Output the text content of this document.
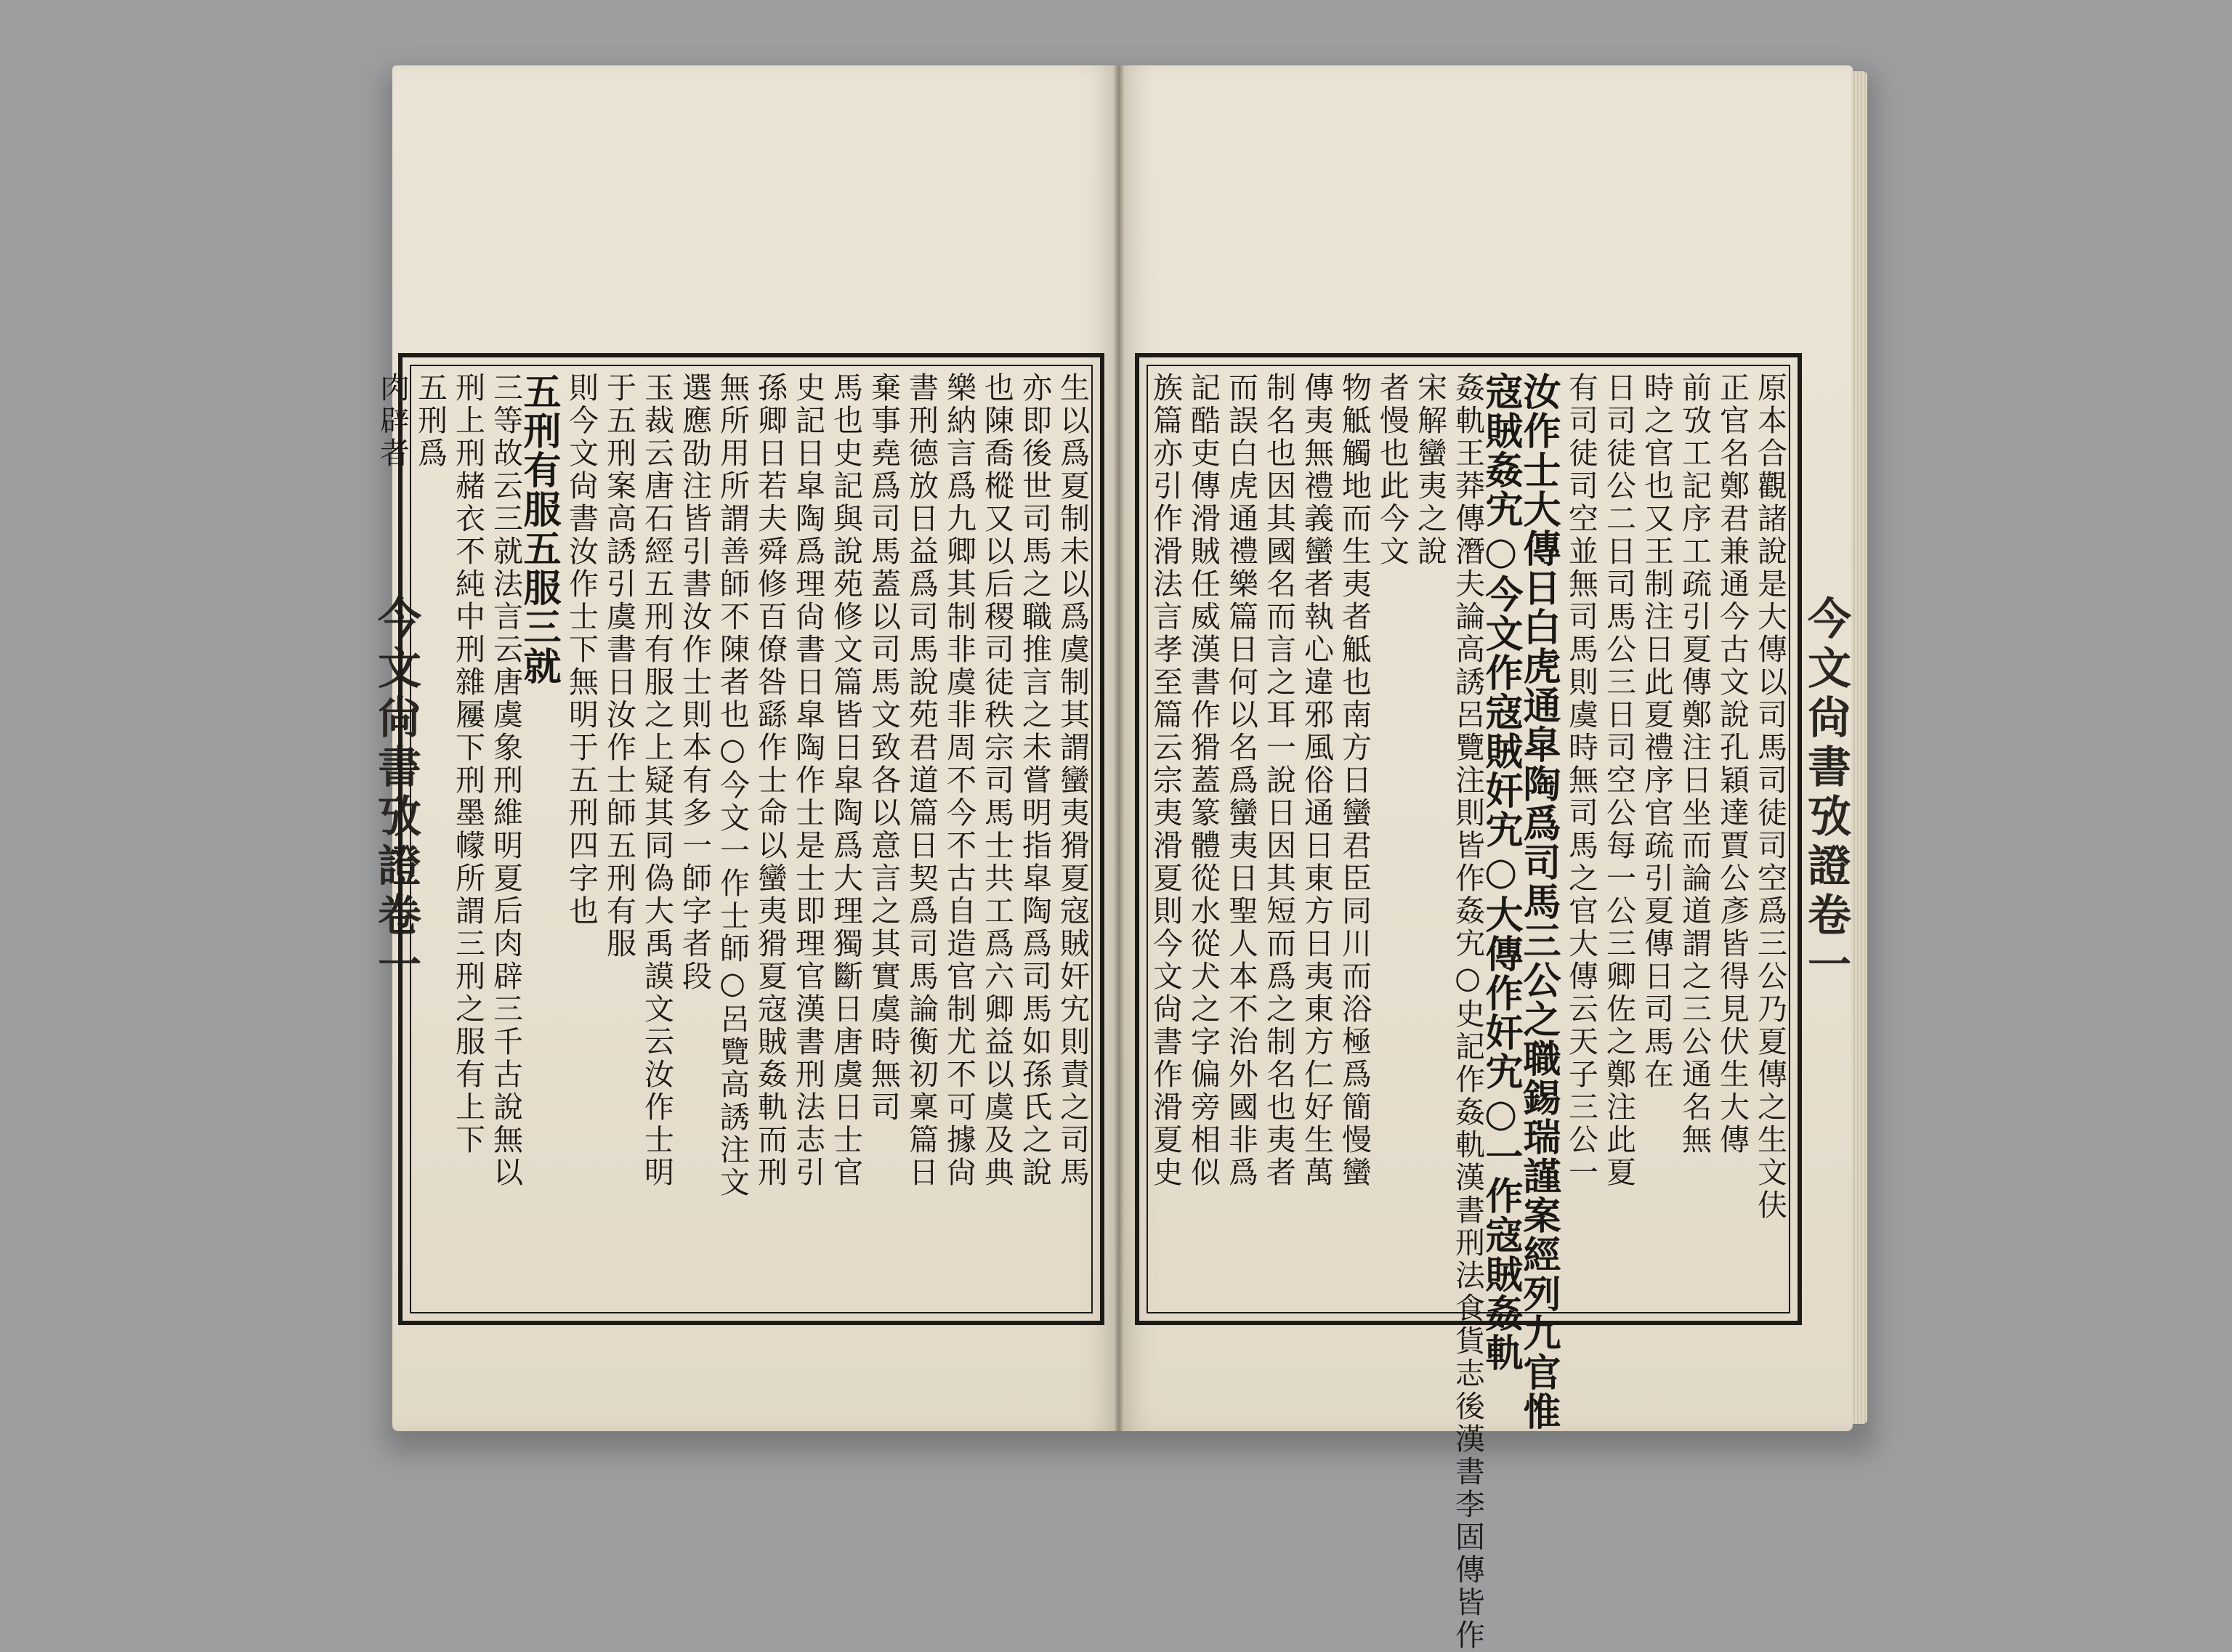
今文尙書攷證卷一	今文尙書攷證卷一
生以爲夏制未以爲虞制其謂蠻夷猾夏寇賊奸宄則責之司馬
亦即後世司馬之職推言之未嘗明指皐陶爲司馬如孫氏之說
也陳喬樅又以后稷司徒秩宗司馬士共工爲六卿益以虞及典
樂納言爲九卿其制非虞非周不今不古自造官制尤不可據尙
書刑德放日益爲司馬說苑君道篇日契爲司馬論衡初稟篇日
棄事堯爲司馬蓋以司馬文致各以意言之其實虞時無司
馬也史記與說苑修文篇皆日皐陶爲大理獨斷日唐虞日士官
史記日皐陶爲理尙書日皐陶作士是士即理官漢書刑法志引
孫卿日若夫舜修百僚咎繇作士命以蠻夷猾夏寇賊姦軌而刑
無所用所謂善師不陳者也○今文一作士師○呂覽高誘注文
選應劭注皆引書汝作士則本有多一師字者段
玉裁云唐石經五刑有服之上疑其同偽大禹謨文云汝作士明
于五刑案高誘引虞書日汝作士師五刑有服
則今文尙書汝作士下無明于五刑四字也
五刑有服五服三就
三等故云三就法言云唐虞象刑維明夏后肉辟三千古說無以
刑上刑赭衣不純中刑雜屨下刑墨幪所謂三刑之服有上下
五刑爲
肉辟者	原本合觀諸說是大傳以司馬司徒司空爲三公乃夏傳之生文伕
正官名鄭君兼通今古文說孔穎達賈公彥皆得見伏生大傳
前攷工記序工疏引夏傳鄭注日坐而論道謂之三公通名無
時之官也又王制注日此夏禮序官疏引夏傳日司馬在
日司徒公二日司馬公三日司空公每一公三卿佐之鄭注此夏
有司徒司空並無司馬則虞時無司馬之官大傳云天子三公一
汝作士大傳日白虎通皐陶爲司馬三公之職錫瑞謹案經列九官惟
寇賊姦宄○今文作寇賊奸宄○大傳作奸宄○一作寇賊姦軌
姦軌王莽傳潛夫論高誘呂覽注則皆作姦宄○史記作姦軌漢書刑法食貨志後漢書李固傳皆作
宋解蠻夷之說
者慢也此今文
物觝觸地而生夷者觝也南方日蠻君臣同川而浴極爲簡慢蠻
傳夷無禮義蠻者執心違邪風俗通日東方日夷東方仁好生萬
制名也因其國名而言之耳一說日因其短而爲之制名也夷者
而誤白虎通禮樂篇日何以名爲蠻夷日聖人本不治外國非爲
記酷吏傳滑賊任威漢書作猾蓋篆體從水從犬之字偏旁相似
族篇亦引作滑法言孝至篇云宗夷滑夏則今文尙書作滑夏史
